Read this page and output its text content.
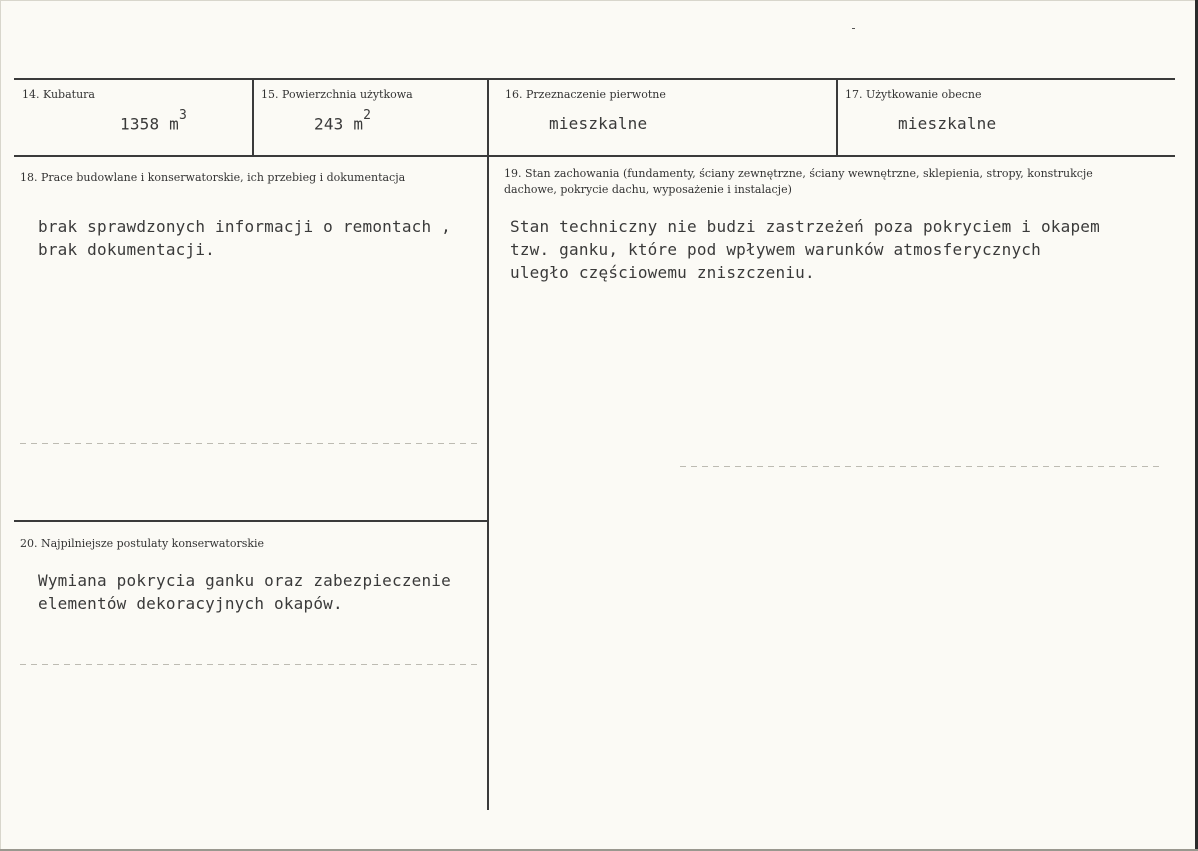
14. Kubatura
1358 $m^3$
15. Powierzchnia użytkowa
243 $m^2$
16. Przeznaczenie pierwotne
mieszkalne
17. Użytkowanie obecne
mieszkalne
18. Prace budowlane i konserwatorskie, ich przebieg i dokumentacja
brak sprawdzonych informacji o remontach ,
brak dokumentacji.
19. Stan zachowania (fundamenty, ściany zewnętrzne, ściany wewnętrzne, sklepienia, stropy, konstrukcje dachowe, pokrycie dachu, wyposażenie i instalacje)
Stan techniczny nie budzi zastrzeżeń poza pokryciem i okapem
tzw. ganku, które pod wpływem warunków atmosferycznych
uległo częściowemu zniszczeniu.
20. Najpilniejsze postulaty konserwatorskie
Wymiana pokrycia ganku oraz zabezpieczenie
elementów dekoracyjnych okapów.
